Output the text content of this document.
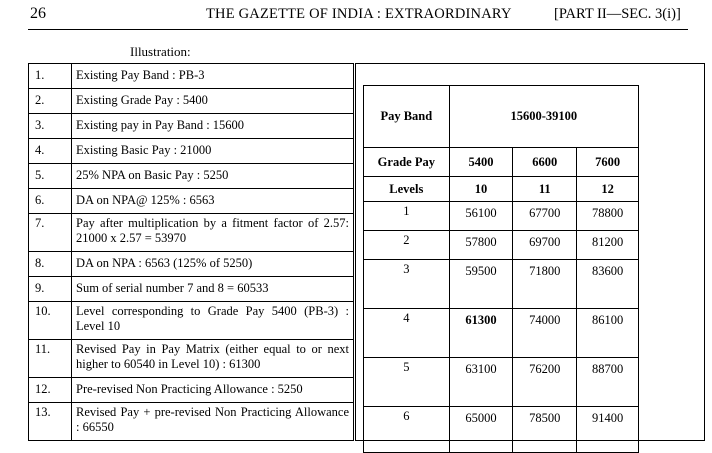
26	THE GAZETTE OF INDIA : EXTRAORDINARY	[PART II—SEC. 3(i)]
Illustration:
1.	Existing Pay Band : PB-3
2.	Existing Grade Pay : 5400
3.	Existing pay in Pay Band : 15600
4.	Existing Basic Pay : 21000
5.	25% NPA on Basic Pay : 5250
6.	DA on NPA@ 125% : 6563
7.	Pay after multiplication by a fitment factor of 2.57: 21000 x 2.57 = 53970
8.	DA on NPA : 6563 (125% of 5250)
9.	Sum of serial number 7 and 8 = 60533
10.	Level corresponding to Grade Pay 5400 (PB-3) : Level 10
11.	Revised Pay in Pay Matrix (either equal to or next higher to 60540 in Level 10) : 61300
12.	Pre-revised Non Practicing Allowance : 5250
13.	Revised Pay + pre-revised Non Practicing Allowance : 66550
Pay Band	15600-39100		
Grade Pay	5400	6600	7600
Levels	10	11	12
1	56100	67700	78800
2	57800	69700	81200
3	59500	71800	83600
4	61300	74000	86100
5	63100	76200	88700
6	65000	78500	91400
